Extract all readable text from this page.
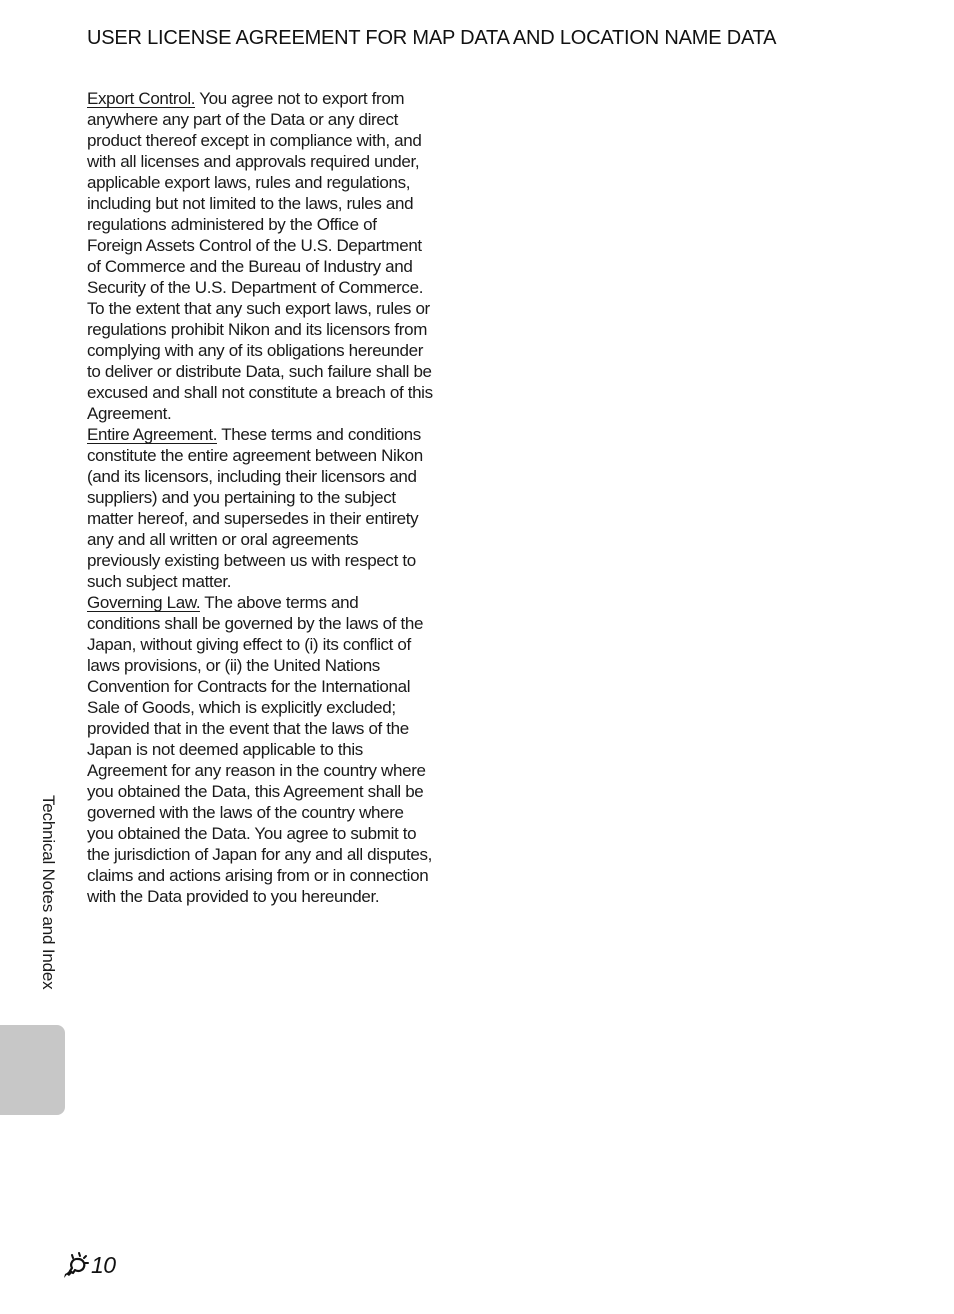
USER LICENSE AGREEMENT FOR MAP DATA AND LOCATION NAME DATA

Export Control. You agree not to export from
anywhere any part of the Data or any direct
product thereof except in compliance with, and
with all licenses and approvals required under,
applicable export laws, rules and regulations,
including but not limited to the laws, rules and
regulations administered by the Office of
Foreign Assets Control of the U.S. Department
of Commerce and the Bureau of Industry and
Security of the U.S. Department of Commerce.
To the extent that any such export laws, rules or
regulations prohibit Nikon and its licensors from
complying with any of its obligations hereunder
to deliver or distribute Data, such failure shall be
excused and shall not constitute a breach of this
Agreement.

Entire Agreement. These terms and conditions
constitute the entire agreement between Nikon
(and its licensors, including their licensors and
suppliers) and you pertaining to the subject
matter hereof, and supersedes in their entirety
any and all written or oral agreements
previously existing between us with respect to
such subject matter.

Governing Law. The above terms and
conditions shall be governed by the laws of the
Japan, without giving effect to (i) its conflict of
laws provisions, or (ii) the United Nations
Convention for Contracts for the International
Sale of Goods, which is explicitly excluded;
provided that in the event that the laws of the
Japan is not deemed applicable to this
Agreement for any reason in the country where
you obtained the Data, this Agreement shall be
governed with the laws of the country where
you obtained the Data. You agree to submit to
the jurisdiction of Japan for any and all disputes,
claims and actions arising from or in connection
with the Data provided to you hereunder.

Technical Notes and Index
10
